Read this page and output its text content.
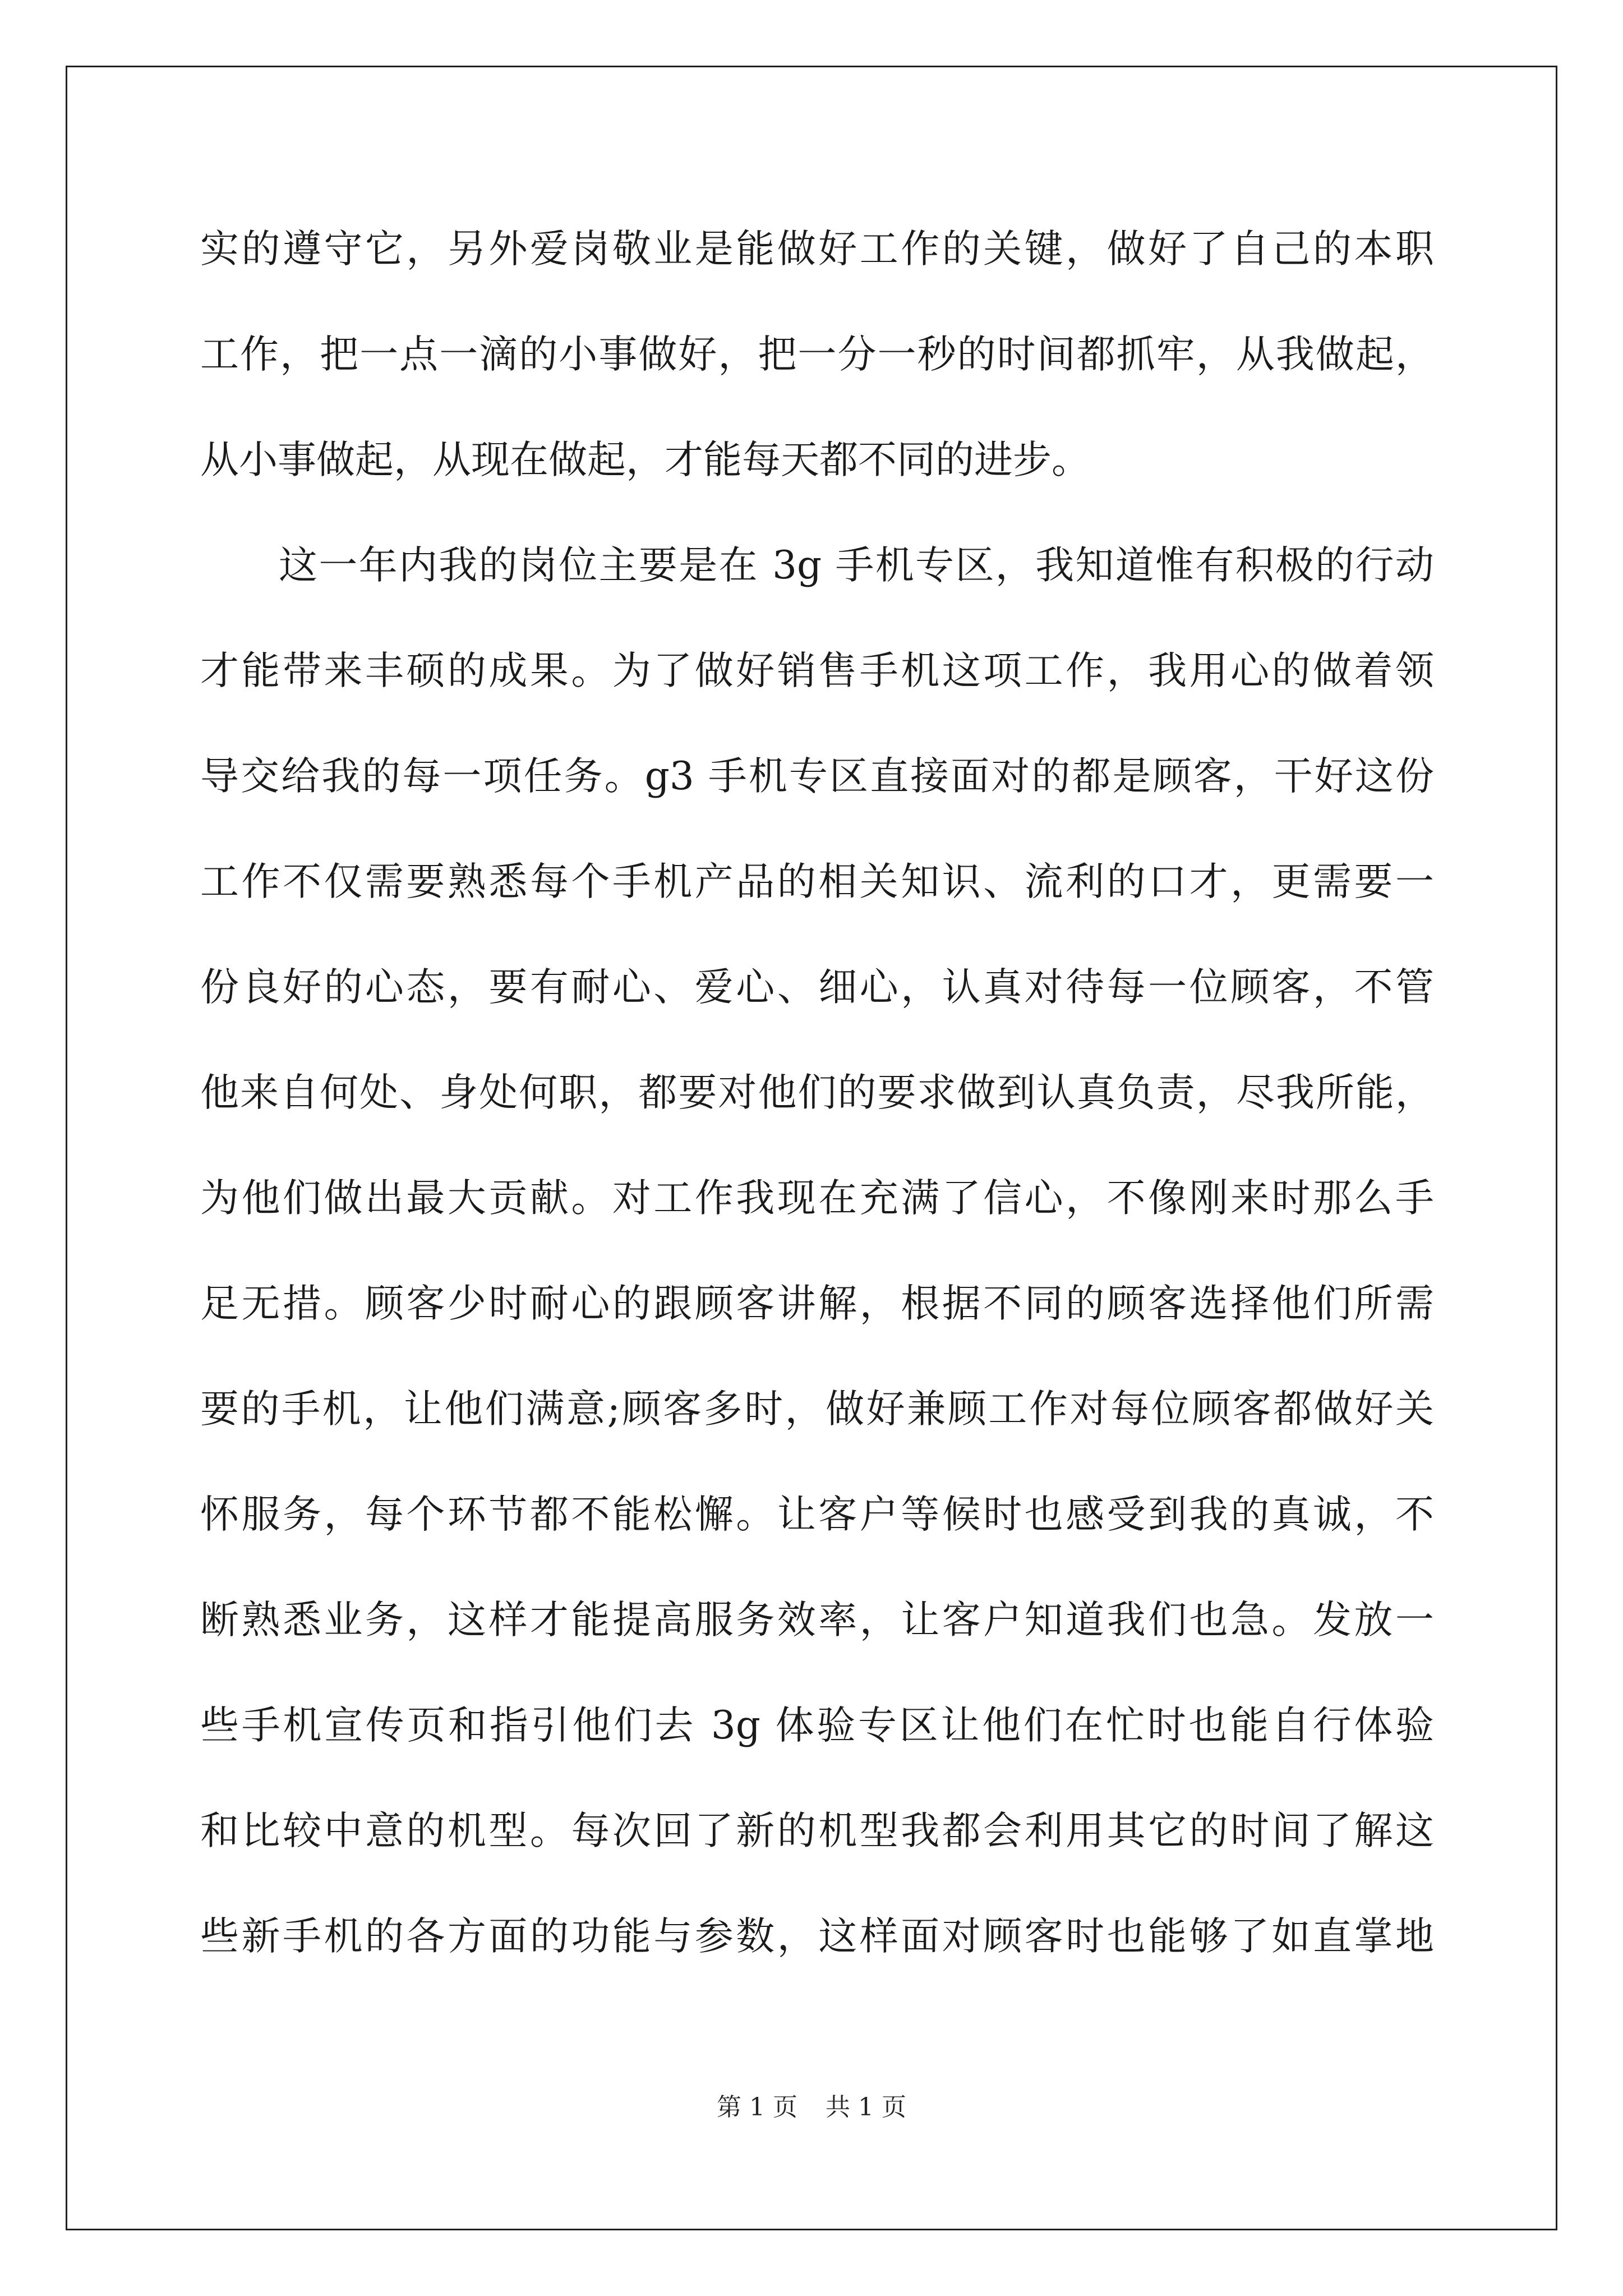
实的遵守它，另外爱岗敬业是能做好工作的关键，做好了自己的本职
工作，把一点一滴的小事做好，把一分一秒的时间都抓牢，从我做起，
从小事做起，从现在做起，才能每天都不同的进步。
这一年内我的岗位主要是在 3g 手机专区，我知道惟有积极的行动
才能带来丰硕的成果。为了做好销售手机这项工作，我用心的做着领
导交给我的每一项任务。g3 手机专区直接面对的都是顾客，干好这份
工作不仅需要熟悉每个手机产品的相关知识、流利的口才，更需要一
份良好的心态，要有耐心、爱心、细心，认真对待每一位顾客，不管
他来自何处、身处何职，都要对他们的要求做到认真负责，尽我所能，
为他们做出最大贡献。对工作我现在充满了信心，不像刚来时那么手
足无措。顾客少时耐心的跟顾客讲解，根据不同的顾客选择他们所需
要的手机，让他们满意;顾客多时，做好兼顾工作对每位顾客都做好关
怀服务，每个环节都不能松懈。让客户等候时也感受到我的真诚，不
断熟悉业务，这样才能提高服务效率，让客户知道我们也急。发放一
些手机宣传页和指引他们去 3g 体验专区让他们在忙时也能自行体验
和比较中意的机型。每次回了新的机型我都会利用其它的时间了解这
些新手机的各方面的功能与参数，这样面对顾客时也能够了如直掌地
第 1 页 共 1 页
